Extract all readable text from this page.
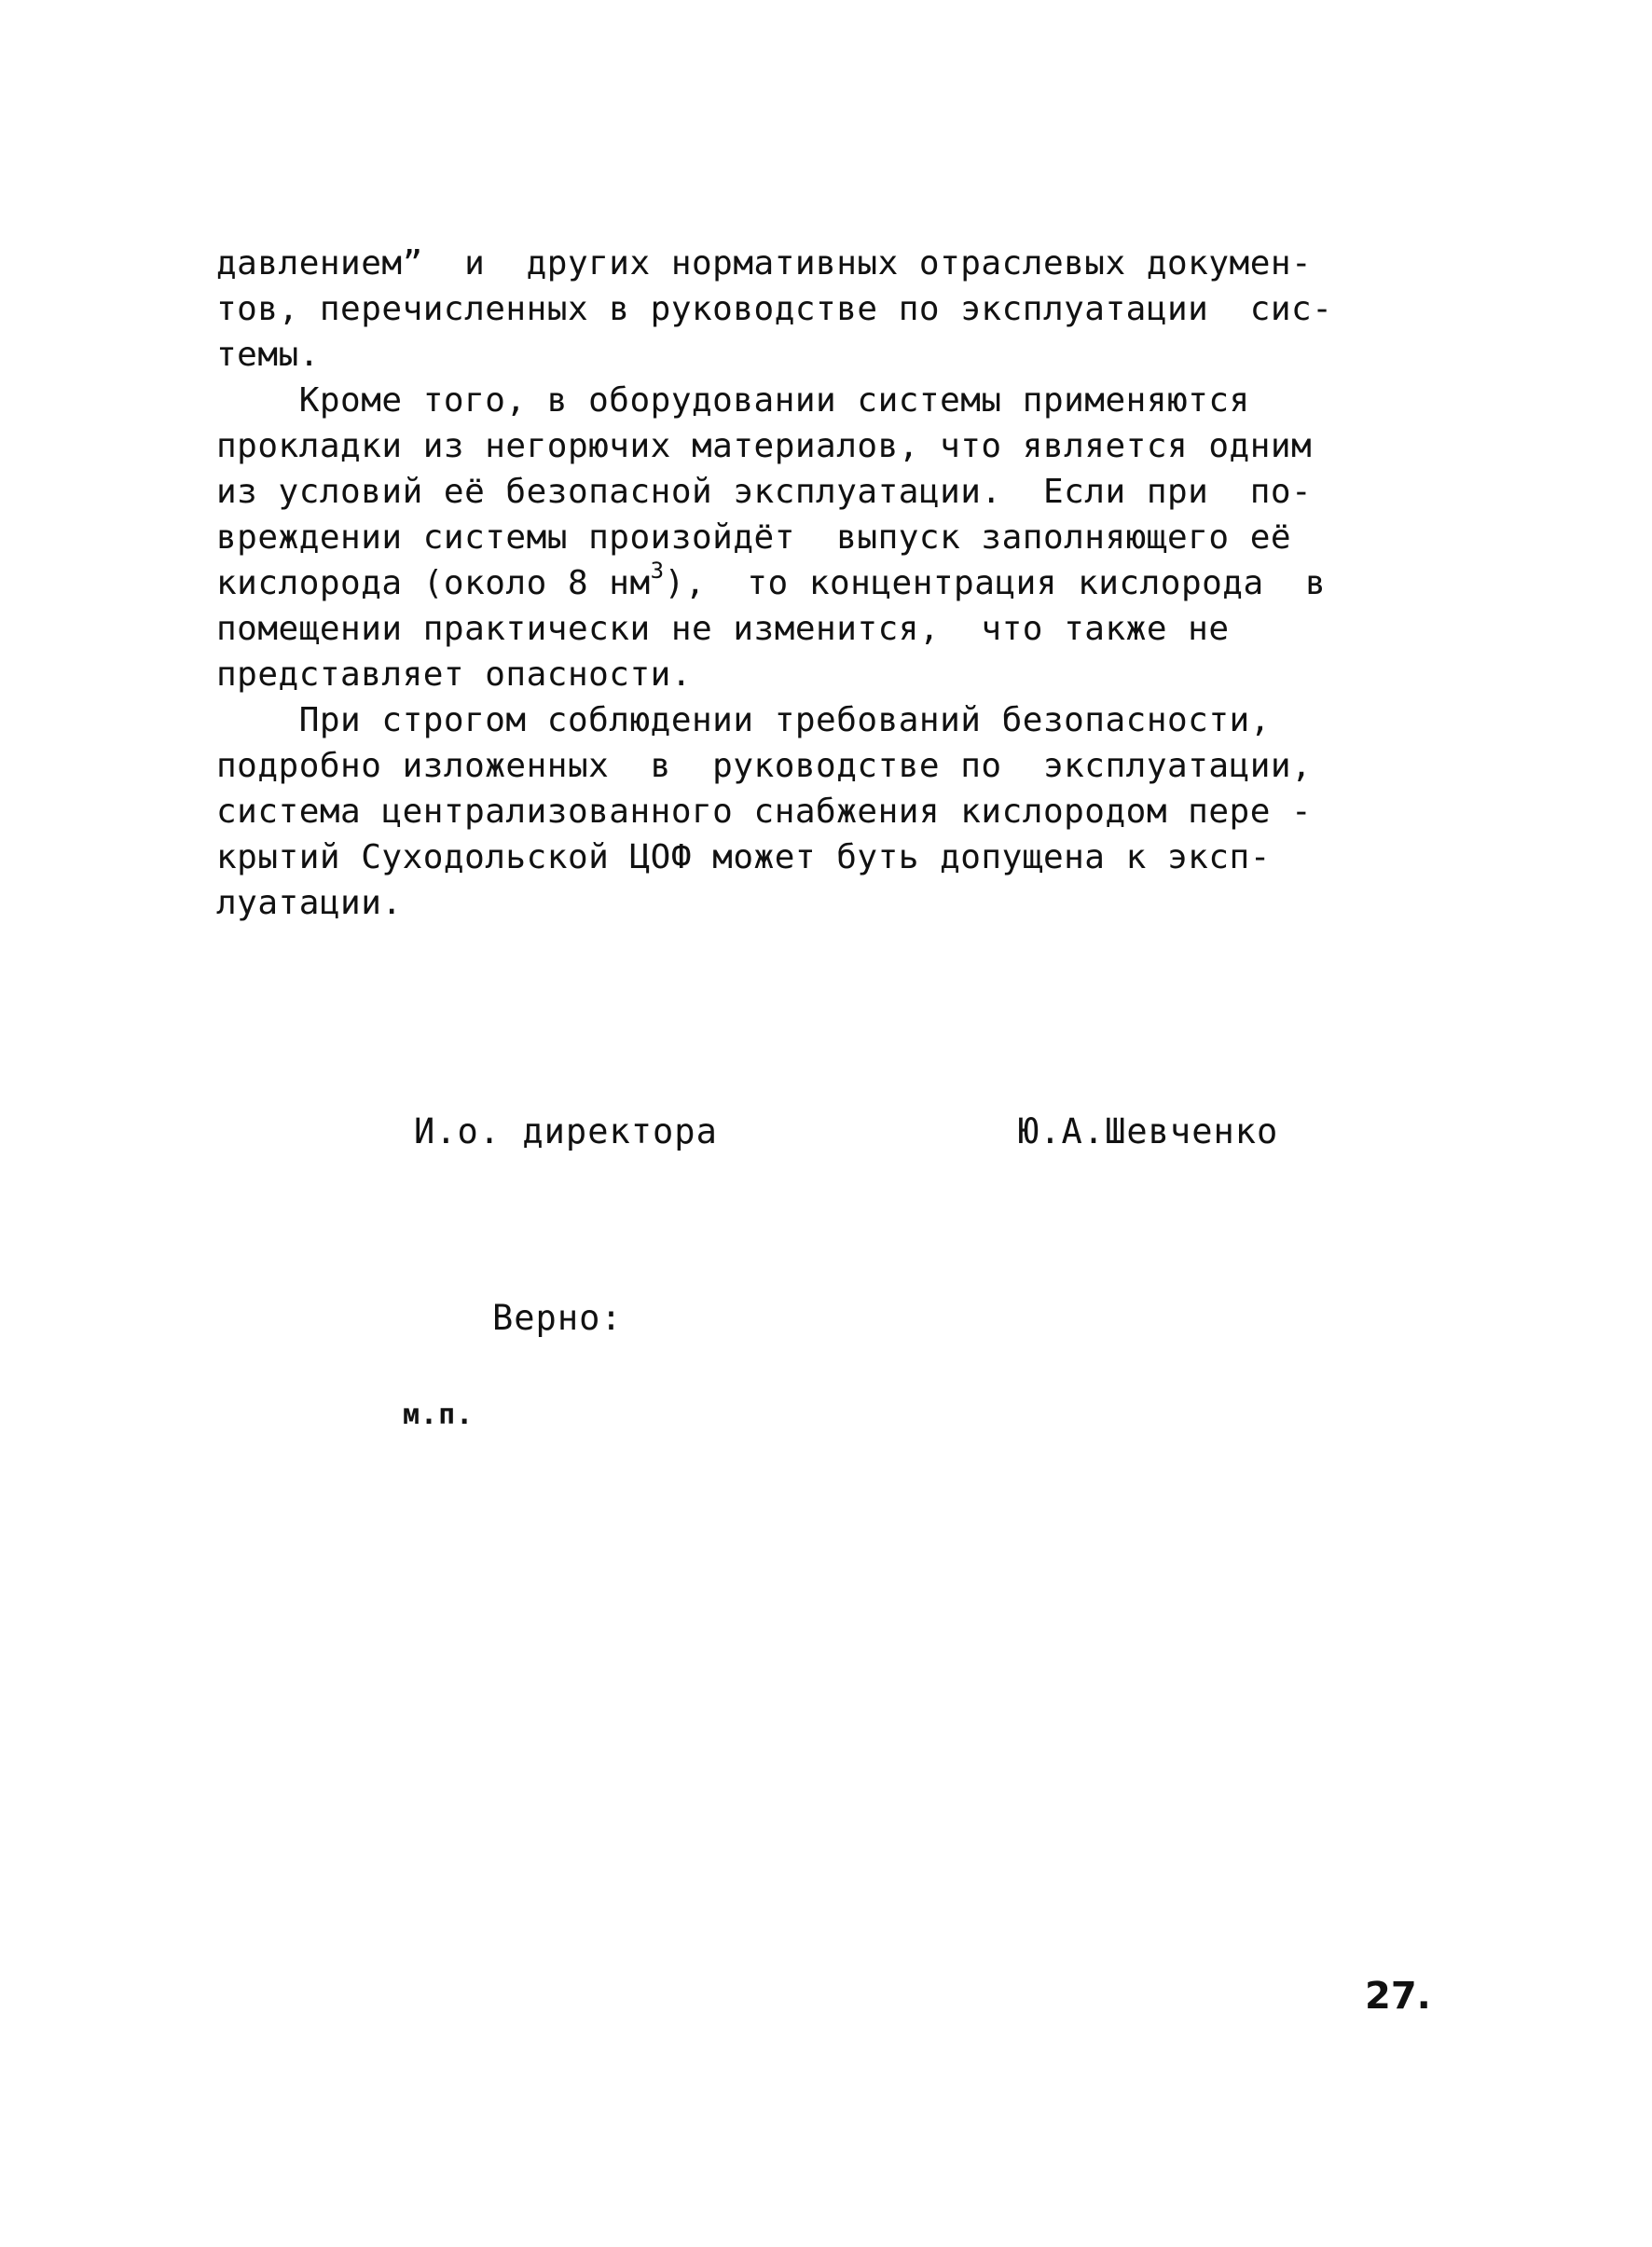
давлением”  и  других нормативных отраслевых докумен-
тов, перечисленных в руководстве по эксплуатации  сис-
темы.
Кроме того, в оборудовании системы применяются
прокладки из негорючих материалов, что является одним
из условий её безопасной эксплуатации.  Если при  по-
вреждении системы произойдёт  выпуск заполняющего её
кислорода (около 8 $нм^3$),  то концентрация кислорода  в
помещении практически не изменится,  что также не
представляет опасности.
При строгом соблюдении требований безопасности,
подробно изложенных  в  руководстве по  эксплуатации,
система централизованного снабжения кислородом пере -
крытий Суходольской ЦОФ может буть допущена к эксп-
луатации.
И.о. директора	Ю.А.Шевченко
Верно:
м.п.
27.
